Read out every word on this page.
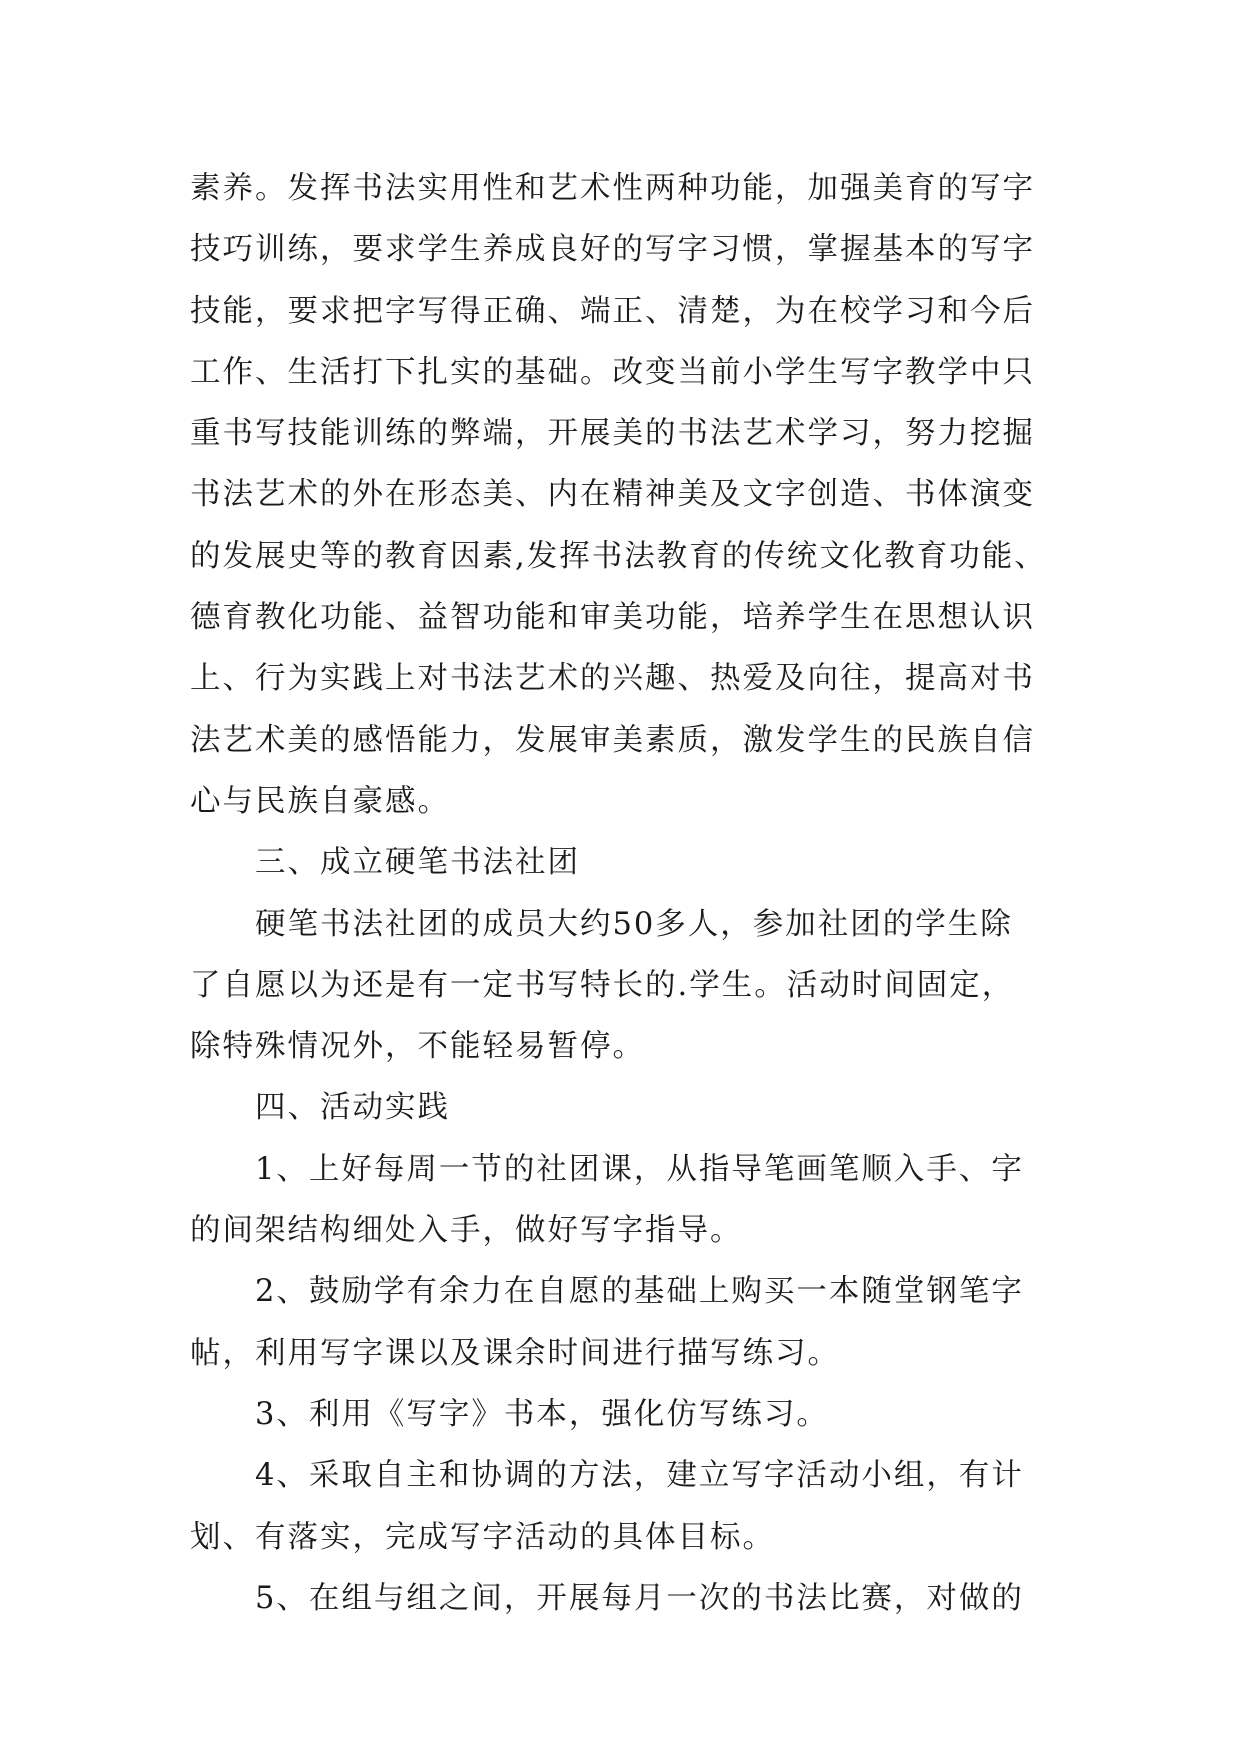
素养。发挥书法实用性和艺术性两种功能，加强美育的写字
技巧训练，要求学生养成良好的写字习惯，掌握基本的写字
技能，要求把字写得正确、端正、清楚，为在校学习和今后
工作、生活打下扎实的基础。改变当前小学生写字教学中只
重书写技能训练的弊端，开展美的书法艺术学习，努力挖掘
书法艺术的外在形态美、内在精神美及文字创造、书体演变
的发展史等的教育因素,发挥书法教育的传统文化教育功能、
德育教化功能、益智功能和审美功能，培养学生在思想认识
上、行为实践上对书法艺术的兴趣、热爱及向往，提高对书
法艺术美的感悟能力，发展审美素质，激发学生的民族自信
心与民族自豪感。
三、成立硬笔书法社团
硬笔书法社团的成员大约50多人，参加社团的学生除
了自愿以为还是有一定书写特长的.学生。活动时间固定，
除特殊情况外，不能轻易暂停。
四、活动实践
1、上好每周一节的社团课，从指导笔画笔顺入手、字
的间架结构细处入手，做好写字指导。
2、鼓励学有余力在自愿的基础上购买一本随堂钢笔字
帖，利用写字课以及课余时间进行描写练习。
3、利用《写字》书本，强化仿写练习。
4、采取自主和协调的方法，建立写字活动小组，有计
划、有落实，完成写字活动的具体目标。
5、在组与组之间，开展每月一次的书法比赛，对做的
